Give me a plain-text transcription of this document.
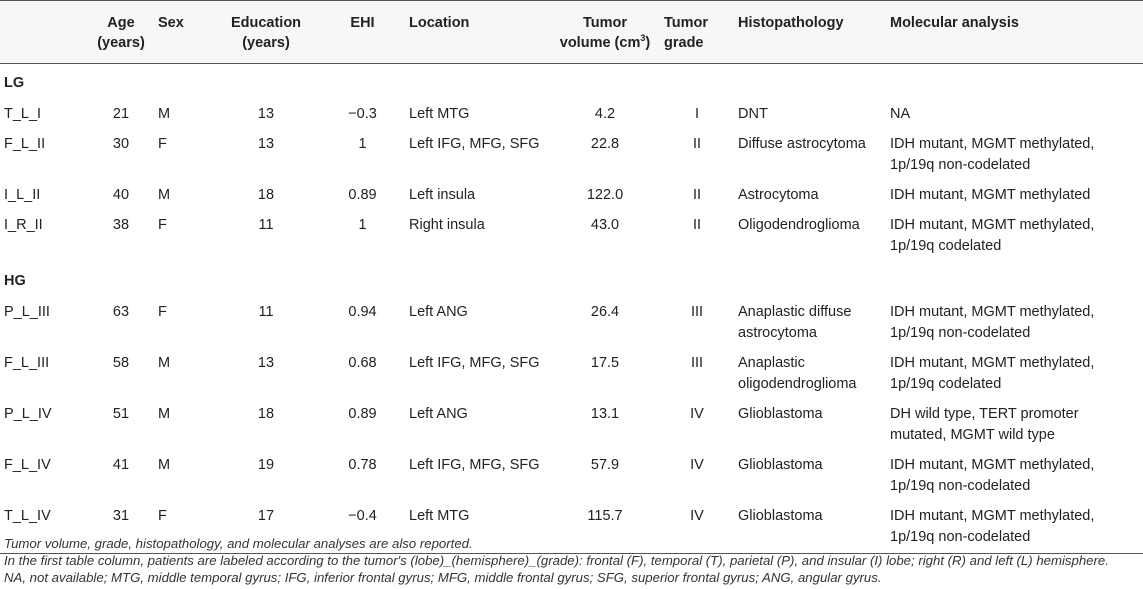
	Age
(years)	Sex	Education
(years)	EHI	Location	Tumor
volume $(cm^3)$	Tumor
grade	Histopathology	Molecular analysis
LG									
T_L_I	21	M	13	−0.3	Left MTG	4.2	I	DNT	NA
F_L_II	30	F	13	1	Left IFG, MFG, SFG	22.8	II	Diffuse astrocytoma	IDH mutant, MGMT methylated,
1p/19q non-codelated
I_L_II	40	M	18	0.89	Left insula	122.0	II	Astrocytoma	IDH mutant, MGMT methylated
I_R_II	38	F	11	1	Right insula	43.0	II	Oligodendroglioma	IDH mutant, MGMT methylated,
1p/19q codelated
HG									
P_L_III	63	F	11	0.94	Left ANG	26.4	III	Anaplastic diffuse
astrocytoma	IDH mutant, MGMT methylated,
1p/19q non-codelated
F_L_III	58	M	13	0.68	Left IFG, MFG, SFG	17.5	III	Anaplastic
oligodendroglioma	IDH mutant, MGMT methylated,
1p/19q codelated
P_L_IV	51	M	18	0.89	Left ANG	13.1	IV	Glioblastoma	DH wild type, TERT promoter
mutated, MGMT wild type
F_L_IV	41	M	19	0.78	Left IFG, MFG, SFG	57.9	IV	Glioblastoma	IDH mutant, MGMT methylated,
1p/19q non-codelated
T_L_IV	31	F	17	−0.4	Left MTG	115.7	IV	Glioblastoma	IDH mutant, MGMT methylated,
1p/19q non-codelated

Tumor volume, grade, histopathology, and molecular analyses are also reported.

In the first table column, patients are labeled according to the tumor's (lobe)_(hemisphere)_(grade): frontal (F), temporal (T), parietal (P), and insular (I) lobe; right (R) and left (L) hemisphere.

NA, not available; MTG, middle temporal gyrus; IFG, inferior frontal gyrus; MFG, middle frontal gyrus; SFG, superior frontal gyrus; ANG, angular gyrus.
